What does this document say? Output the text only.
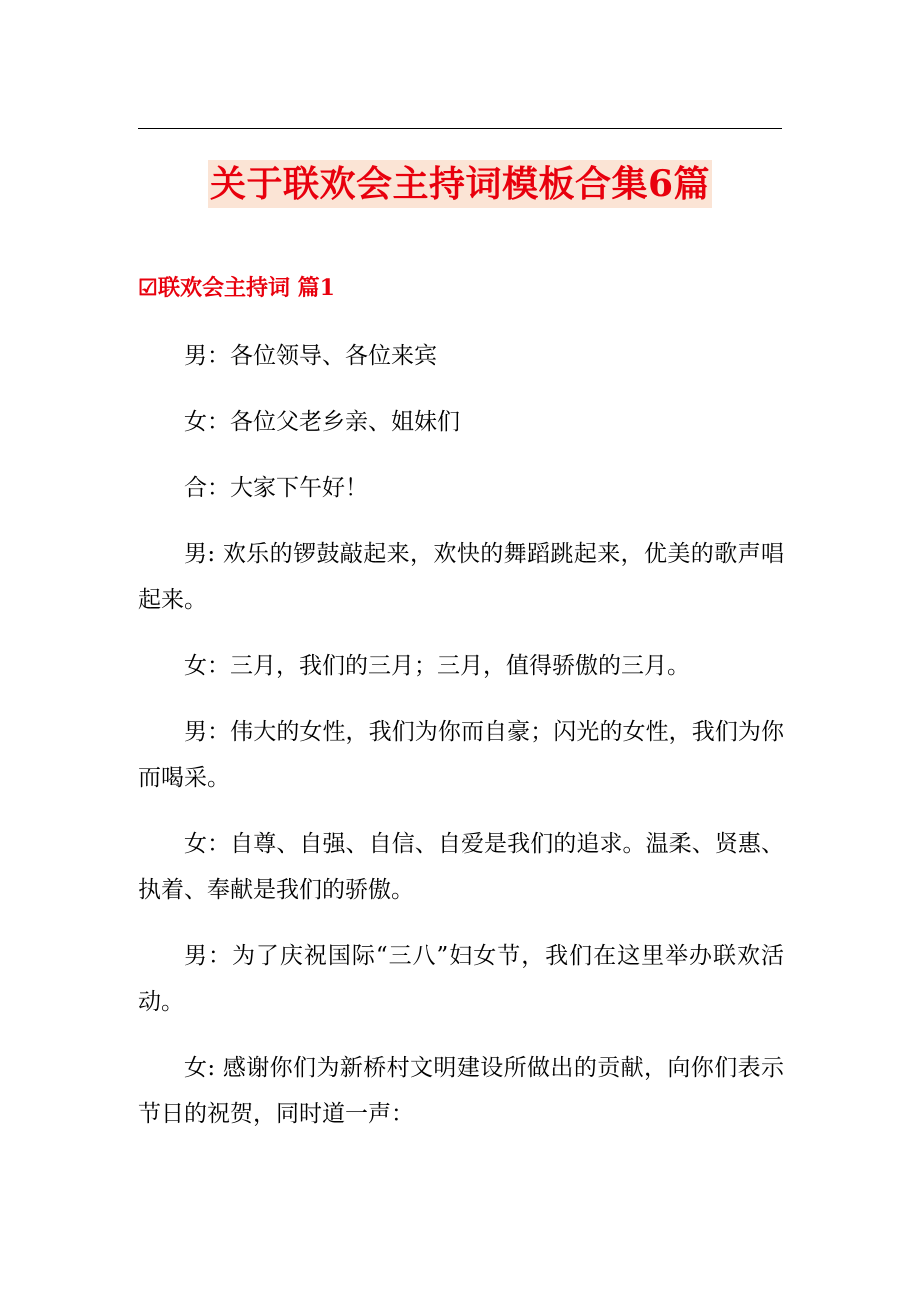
关于联欢会主持词模板合集6篇
☑联欢会主持词 篇1

男：各位领导、各位来宾

女：各位父老乡亲、姐妹们

合：大家下午好！

男: 欢乐的锣鼓敲起来，欢快的舞蹈跳起来，优美的歌声唱起来。

女：三月，我们的三月；三月，值得骄傲的三月。

男：伟大的女性，我们为你而自豪；闪光的女性，我们为你而喝采。

女：自尊、自强、自信、自爱是我们的追求。温柔、贤惠、执着、奉献是我们的骄傲。

男：为了庆祝国际“三八”妇女节，我们在这里举办联欢活动。

女: 感谢你们为新桥村文明建设所做出的贡献，向你们表示节日的祝贺，同时道一声：
